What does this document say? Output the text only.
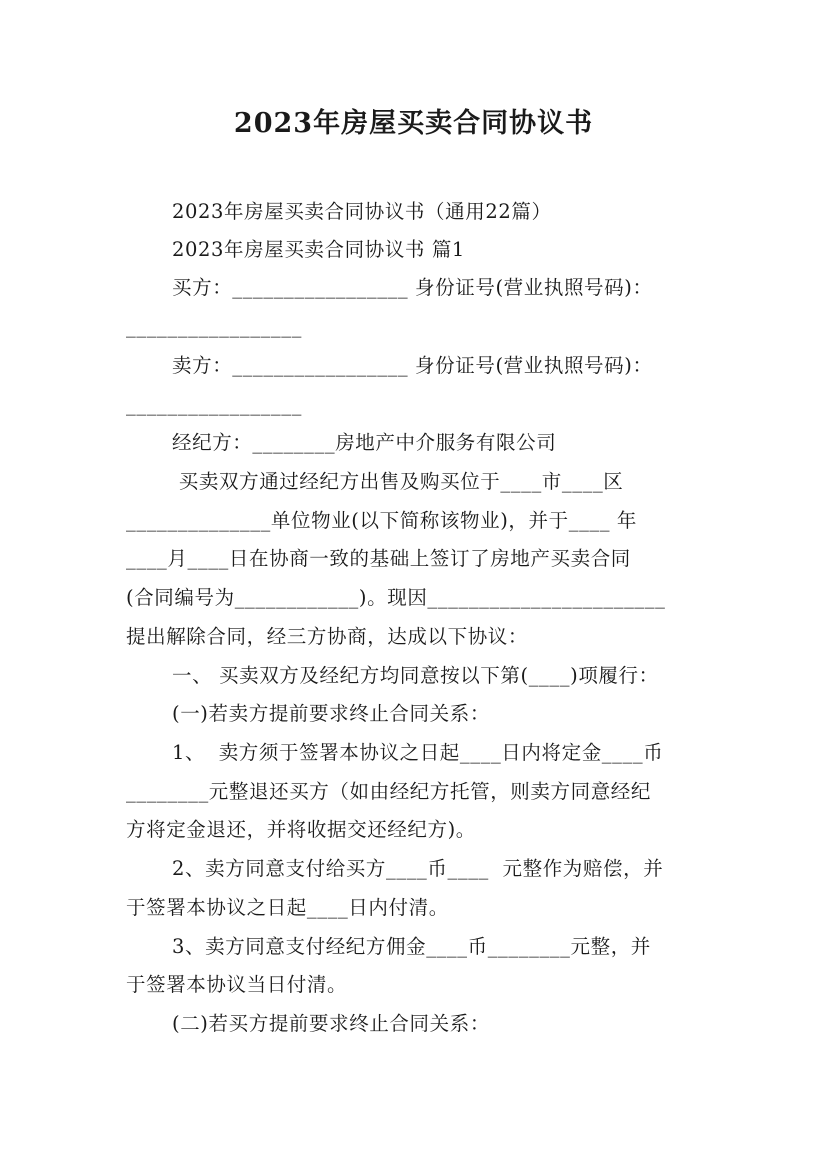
2023年房屋买卖合同协议书
2023年房屋买卖合同协议书（通用22篇）
2023年房屋买卖合同协议书 篇1
买方：_________________ 身份证号(营业执照号码)：
_________________
卖方：_________________ 身份证号(营业执照号码)：
_________________
经纪方：________房地产中介服务有限公司
买卖双方通过经纪方出售及购买位于____市____区
______________单位物业(以下简称该物业)，并于____ 年
____月____日在协商一致的基础上签订了房地产买卖合同
(合同编号为____________)。现因_______________________
提出解除合同，经三方协商，达成以下协议：
一、 买卖双方及经纪方均同意按以下第(____)项履行：
(一)若卖方提前要求终止合同关系：
1、  卖方须于签署本协议之日起____日内将定金____币
________元整退还买方（如由经纪方托管，则卖方同意经纪
方将定金退还，并将收据交还经纪方)。
2、卖方同意支付给买方____币____  元整作为赔偿，并
于签署本协议之日起____日内付清。
3、卖方同意支付经纪方佣金____币________元整，并
于签署本协议当日付清。
(二)若买方提前要求终止合同关系：
